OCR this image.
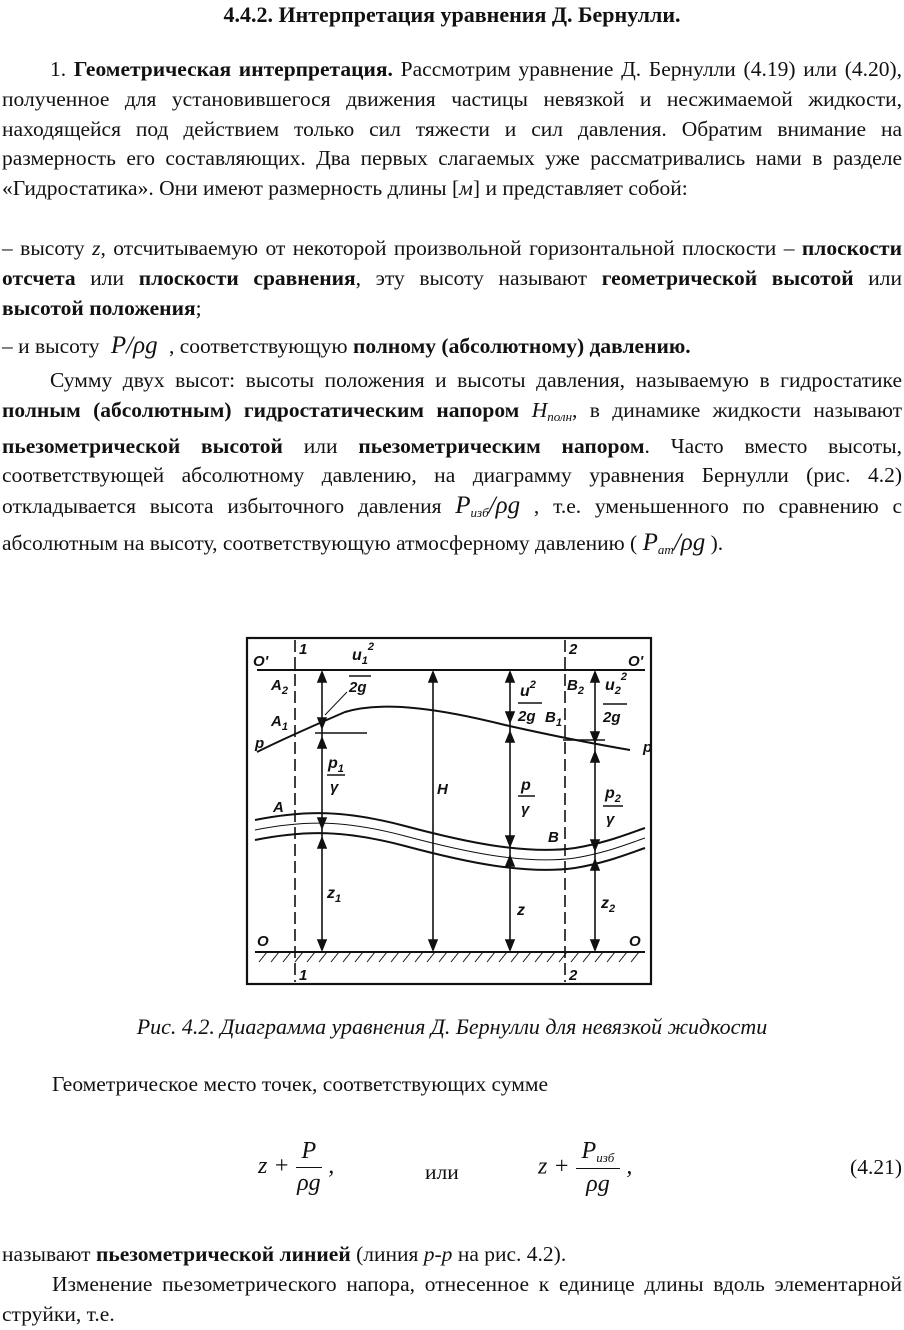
4.4.2. Интерпретация уравнения Д. Бернулли.

1. Геометрическая интерпретация. Рассмотрим уравнение Д. Бернулли (4.19) или (4.20), полученное для установившегося движения частицы невязкой и несжимаемой жидкости, находящейся под действием только сил тяжести и сил давления. Обратим внимание на размерность его составляющих. Два первых слагаемых уже рассматривались нами в разделе «Гидростатика». Они имеют размерность длины [м] и представляет собой:

– высоту z, отсчитываемую от некоторой произвольной горизонтальной плоскости – плоскости отсчета или плоскости сравнения, эту высоту называют геометрической высотой или высотой положения;

– и высоту P/ρg , соответствующую полному (абсолютному) давлению.

Сумму двух высот: высоты положения и высоты давления, называемую в гидростатике полным (абсолютным) гидростатическим напором $H_{полн}$, в динамике жидкости называют пьезометрической высотой или пьезометрическим напором. Часто вместо высоты, соответствующей абсолютному давлению, на диаграмму уравнения Бернулли (рис. 4.2) откладывается высота избыточного давления $P_{изб}/\rho g$ , т.е. уменьшенного по сравнению с абсолютным на высоту, соответствующую атмосферному давлению ( $P_{ат}/\rho g$ ).

O'	O'
O	O
1
1
2
2
$A_2$
$A_1$
$B_2$
$B_1$
A
B
p	p
$u_1^2$
2g	$u^2$
2g
$u_2^2$
2g
$p_1$
γ	p
γ
$p_2$
γ
H
$z_1$
z	$z_2$

Рис. 4.2. Диаграмма уравнения Д. Бернулли для невязкой жидкости

Геометрическое место точек, соответствующих сумме

$z + \frac{P}{\rho g}$ ,	или	$z + \frac{P_{изб}}{\rho g}$ ,	(4.21)

называют пьезометрической линией (линия р-р на рис. 4.2).

Изменение пьезометрического напора, отнесенное к единице длины вдоль элементарной струйки, т.е.
